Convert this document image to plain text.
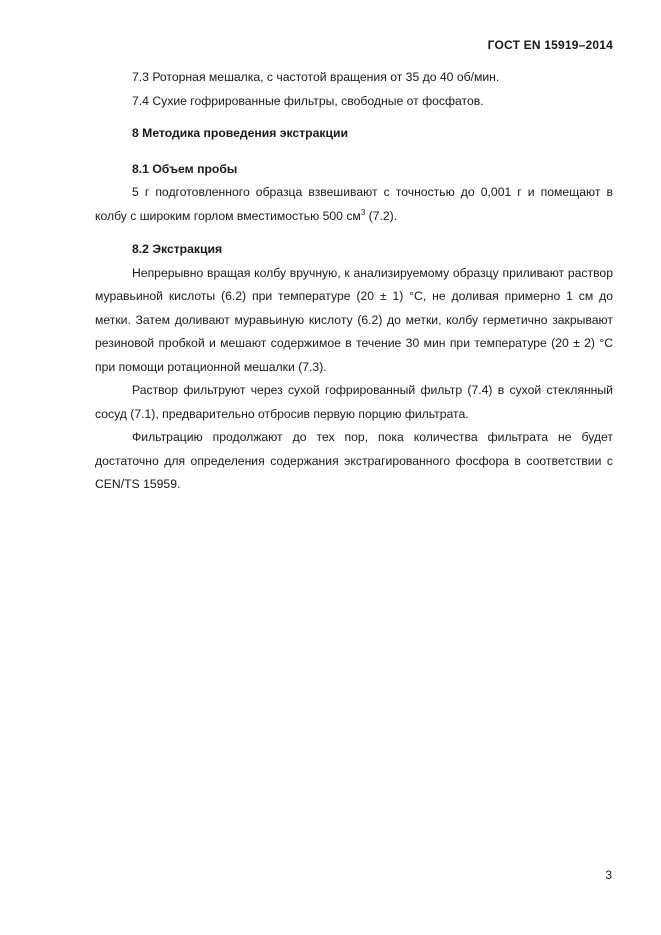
ГОСТ EN 15919–2014

7.3 Роторная мешалка, с частотой вращения от 35 до 40 об/мин.

7.4 Сухие гофрированные фильтры, свободные от фосфатов.

8 Методика проведения экстракции

8.1 Объем пробы

5 г подготовленного образца взвешивают с точностью до 0,001 г и помещают в колбу с широким горлом вместимостью 500 $см^3$ (7.2).

8.2 Экстракция

Непрерывно вращая колбу вручную, к анализируемому образцу приливают раствор муравьиной кислоты (6.2) при температуре (20 ± 1) °С, не доливая примерно 1 см до метки. Затем доливают муравьиную кислоту (6.2) до метки, колбу герметично закрывают резиновой пробкой и мешают содержимое в течение 30 мин при температуре (20 ± 2) °С при помощи ротационной мешалки (7.3).

Раствор фильтруют через сухой гофрированный фильтр (7.4) в сухой стеклянный сосуд (7.1), предварительно отбросив первую порцию фильтрата.

Фильтрацию продолжают до тех пор, пока количества фильтрата не будет достаточно для определения содержания экстрагированного фосфора в соответствии с CEN/TS 15959.

3
